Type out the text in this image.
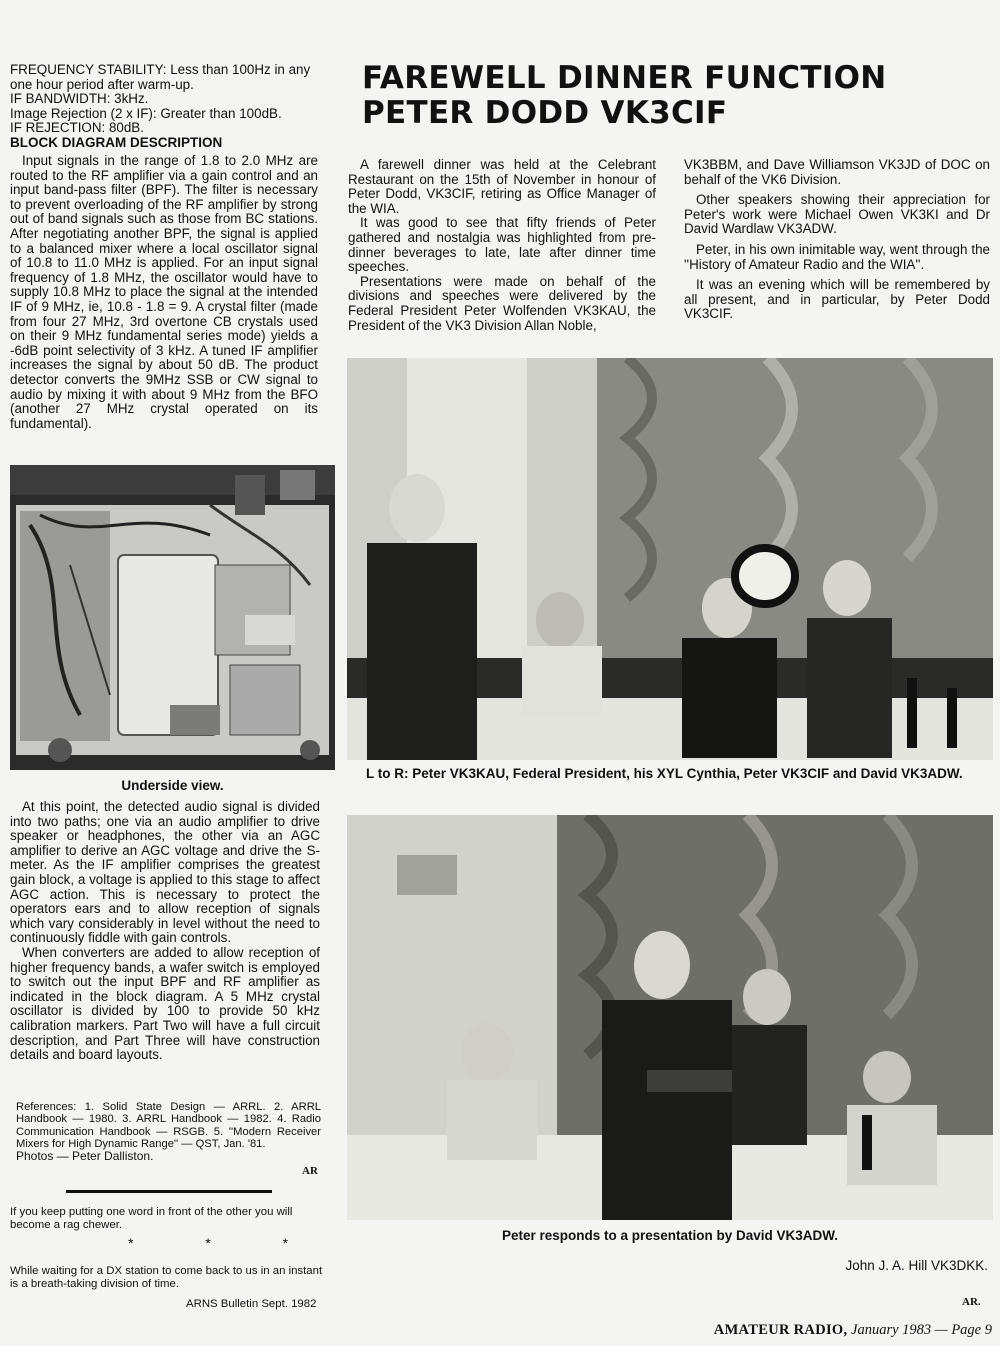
FREQUENCY STABILITY: Less than 100Hz in any one hour period after warm-up.
IF BANDWIDTH: 3kHz.
Image Rejection (2 x IF): Greater than 100dB.
IF REJECTION: 80dB.
BLOCK DIAGRAM DESCRIPTION

Input signals in the range of 1.8 to 2.0 MHz are routed to the RF amplifier via a gain control and an input band-pass filter (BPF). The filter is necessary to prevent overloading of the RF amplifier by strong out of band signals such as those from BC stations. After negotiating another BPF, the signal is applied to a balanced mixer where a local oscillator signal of 10.8 to 11.0 MHz is applied. For an input signal frequency of 1.8 MHz, the oscillator would have to supply 10.8 MHz to place the signal at the intended IF of 9 MHz, ie, 10.8 - 1.8 = 9. A crystal filter (made from four 27 MHz, 3rd overtone CB crystals used on their 9 MHz fundamental series mode) yields a -6dB point selectivity of 3 kHz. A tuned IF amplifier increases the signal by about 50 dB. The product detector converts the 9MHz SSB or CW signal to audio by mixing it with about 9 MHz from the BFO (another 27 MHz crystal operated on its fundamental).

Underside view.

At this point, the detected audio signal is divided into two paths; one via an audio amplifier to drive speaker or headphones, the other via an AGC amplifier to derive an AGC voltage and drive the S-meter. As the IF amplifier comprises the greatest gain block, a voltage is applied to this stage to affect AGC action. This is necessary to protect the operators ears and to allow reception of signals which vary considerably in level without the need to continuously fiddle with gain controls.

When converters are added to allow reception of higher frequency bands, a wafer switch is employed to switch out the input BPF and RF amplifier as indicated in the block diagram. A 5 MHz crystal oscillator is divided by 100 to provide 50 kHz calibration markers. Part Two will have a full circuit description, and Part Three will have construction details and board layouts.

References: 1. Solid State Design — ARRL. 2. ARRL Handbook — 1980. 3. ARRL Handbook — 1982. 4. Radio Communication Handbook — RSGB. 5. ''Modern Receiver Mixers for High Dynamic Range'' — QST, Jan. '81.
Photos — Peter Dalliston.
AR
If you keep putting one word in front of the other you will become a rag chewer.
* * *
While waiting for a DX station to come back to us in an instant is a breath-taking division of time.
ARNS Bulletin Sept. 1982
FAREWELL DINNER FUNCTION PETER DODD VK3CIF

A farewell dinner was held at the Celebrant Restaurant on the 15th of November in honour of Peter Dodd, VK3CIF, retiring as Office Manager of the WIA.

It was good to see that fifty friends of Peter gathered and nostalgia was highlighted from pre-dinner beverages to late, late after dinner time speeches.

Presentations were made on behalf of the divisions and speeches were delivered by the Federal President Peter Wolfenden VK3KAU, the President of the VK3 Division Allan Noble,

VK3BBM, and Dave Williamson VK3JD of DOC on behalf of the VK6 Division.

Other speakers showing their appreciation for Peter's work were Michael Owen VK3KI and Dr David Wardlaw VK3ADW.

Peter, in his own inimitable way, went through the ''History of Amateur Radio and the WIA''.

It was an evening which will be remembered by all present, and in particular, by Peter Dodd VK3CIF.

L to R: Peter VK3KAU, Federal President, his XYL Cynthia, Peter VK3CIF and David VK3ADW.
Peter responds to a presentation by David VK3ADW.
John J. A. Hill VK3DKK.
AR.
AMATEUR RADIO, January 1983 — Page 9
